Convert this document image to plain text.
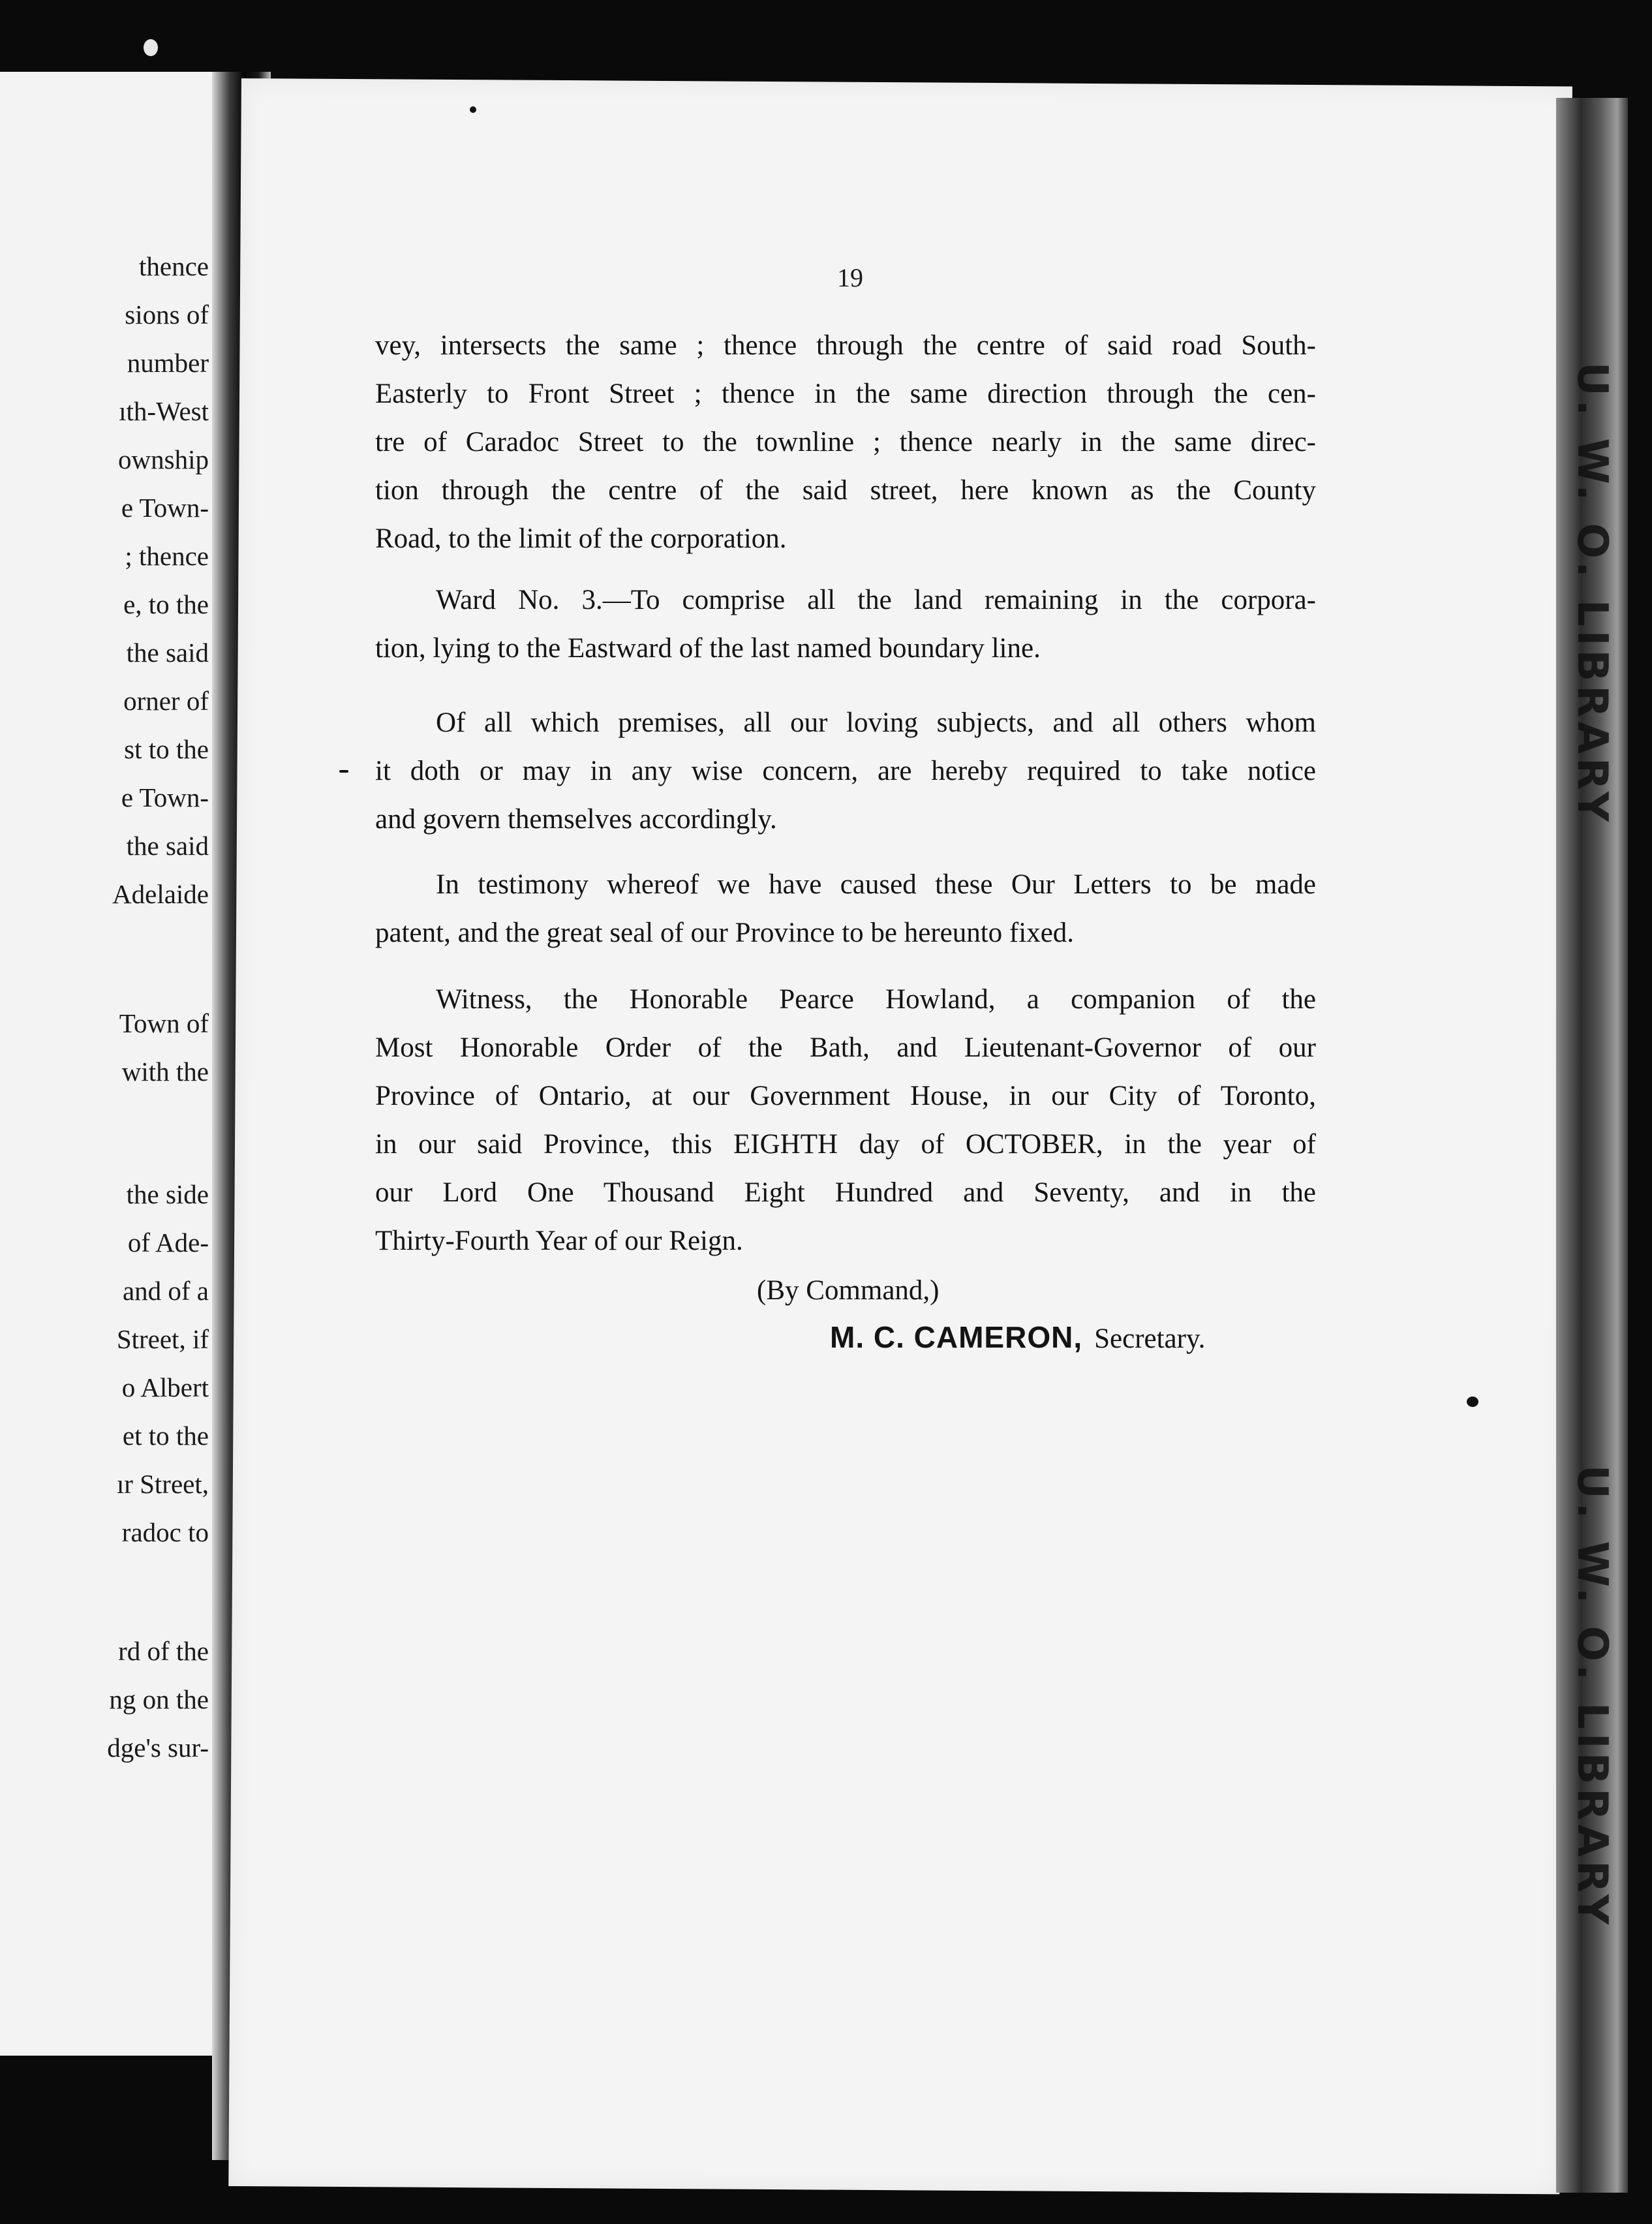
thence
sions of
number
ıth-West
ownship
e Town-
; thence
e, to the
the said
orner of
st to the
e Town-
the said
Adelaide
Town of
with the
the side
of Ade-
and of a
Street, if
o Albert
et to the
ır Street,
radoc to
rd of the
ng on the
dge's sur-
U. W. O. LIBRARY
U. W. O. LIBRARY
19
vey, intersects the same ; thence through the centre of said road South-
Easterly to Front Street ; thence in the same direction through the cen-
tre of Caradoc Street to the townline ; thence nearly in the same direc-
tion through the centre of the said street, here known as the County
Road, to the limit of the corporation.
Ward No. 3.—To comprise all the land remaining in the corpora-
tion, lying to the Eastward of the last named boundary line.
Of all which premises, all our loving subjects, and all others whom
it doth or may in any wise concern, are hereby required to take notice
and govern themselves accordingly.
In testimony whereof we have caused these Our Letters to be made
patent, and the great seal of our Province to be hereunto fixed.
Witness, the Honorable Pearce Howland, a companion of the
Most Honorable Order of the Bath, and Lieutenant-Governor of our
Province of Ontario, at our Government House, in our City of Toronto,
in our said Province, this EIGHTH day of OCTOBER, in the year of
our Lord One Thousand Eight Hundred and Seventy, and in the
Thirty-Fourth Year of our Reign.
(By Command,)
M. C. CAMERON, Secretary.
